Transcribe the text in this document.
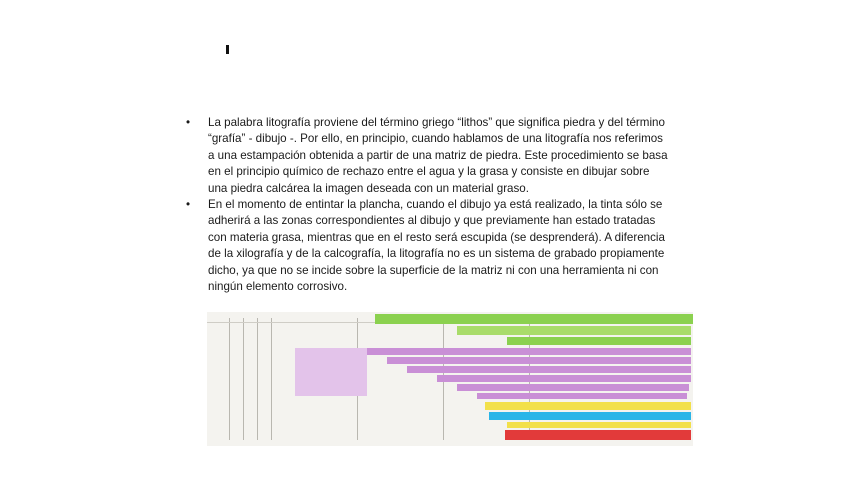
• La palabra litografía proviene del término griego “lithos” que significa piedra y del término “grafía” - dibujo -. Por ello, en principio, cuando hablamos de una litografía nos referimos a una estampación obtenida a partir de una matriz de piedra. Este procedimiento se basa en el principio químico de rechazo entre el agua y la grasa y consiste en dibujar sobre una piedra calcárea la imagen deseada con un material graso.
• En el momento de entintar la plancha, cuando el dibujo ya está realizado, la tinta sólo se adherirá a las zonas correspondientes al dibujo y que previamente han estado tratadas con materia grasa, mientras que en el resto será escupida (se desprenderá). A diferencia de la xilografía y de la calcografía, la litografía no es un sistema de grabado propiamente dicho, ya que no se incide sobre la superficie de la matriz ni con una herramienta ni con ningún elemento corrosivo.
